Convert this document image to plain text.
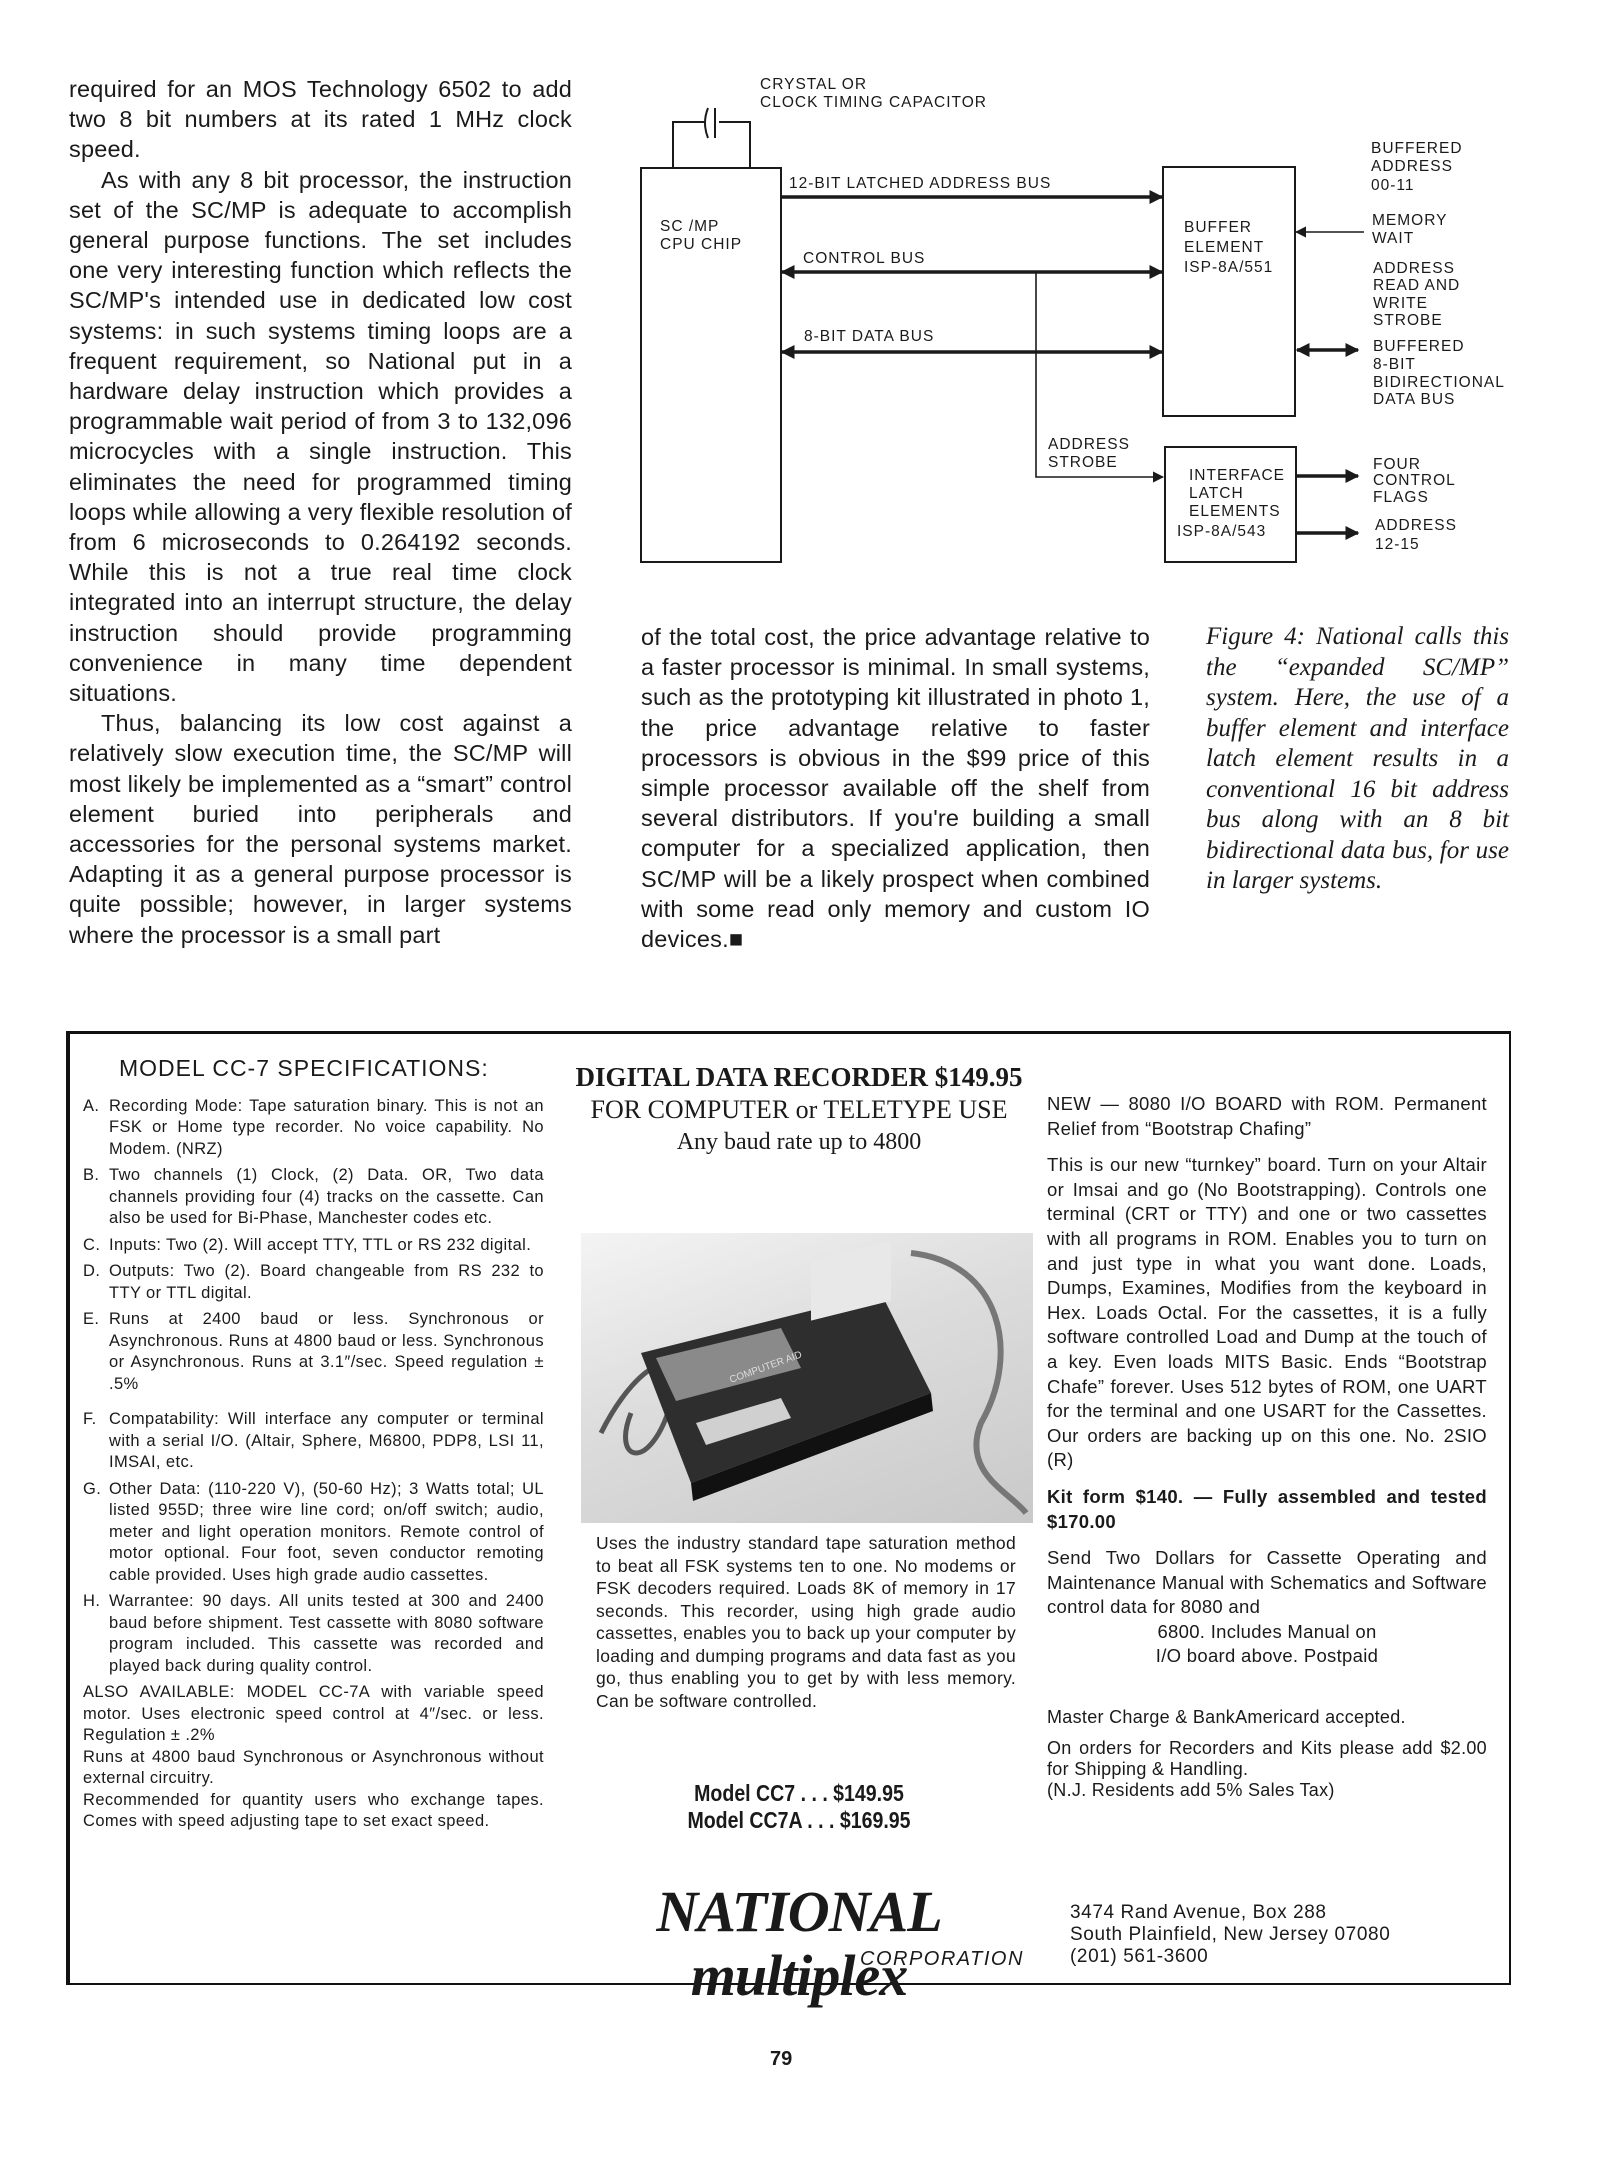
required for an MOS Technology 6502 to add two 8 bit numbers at its rated 1 MHz clock speed.

As with any 8 bit processor, the instruction set of the SC/MP is adequate to accomplish general purpose functions. The set includes one very interesting function which reflects the SC/MP's intended use in dedicated low cost systems: in such systems timing loops are a frequent requirement, so National put in a hardware delay instruction which provides a programmable wait period of from 3 to 132,096 microcycles with a single instruction. This eliminates the need for programmed timing loops while allowing a very flexible resolution of from 6 microseconds to 0.264192 seconds. While this is not a true real time clock integrated into an interrupt structure, the delay instruction should provide programming convenience in many time dependent situations.

Thus, balancing its low cost against a relatively slow execution time, the SC/MP will most likely be implemented as a “smart” control element buried into peripherals and accessories for the personal systems market. Adapting it as a general purpose processor is quite possible; however, in larger systems where the processor is a small part

CRYSTAL OR
CLOCK TIMING CAPACITOR
SC /MP
CPU CHIP
12-BIT LATCHED ADDRESS BUS
CONTROL BUS
8-BIT DATA BUS
BUFFER
ELEMENT
ISP-8A/551
ADDRESS
STROBE
INTERFACE
LATCH
ELEMENTS
ISP-8A/543
BUFFERED
ADDRESS
00-11
MEMORY
WAIT
ADDRESS
READ AND
WRITE
STROBE
BUFFERED
8-BIT
BIDIRECTIONAL
DATA BUS
FOUR
CONTROL
FLAGS
ADDRESS
12-15

of the total cost, the price advantage relative to a faster processor is minimal. In small systems, such as the prototyping kit illustrated in photo 1, the price advantage relative to faster processors is obvious in the $99 price of this simple processor available off the shelf from several distributors. If you're building a small computer for a specialized application, then SC/MP will be a likely prospect when combined with some read only memory and custom IO devices.■

Figure 4: National calls this the “expanded SC/MP” system. Here, the use of a buffer element and interface latch element results in a conventional 16 bit address bus along with an 8 bit bidirectional data bus, for use in larger systems.
MODEL CC-7 SPECIFICATIONS:
A. Recording Mode: Tape saturation binary. This is not an FSK or Home type recorder. No voice capability. No Modem. (NRZ)
B. Two channels (1) Clock, (2) Data. OR, Two data channels providing four (4) tracks on the cassette. Can also be used for Bi-Phase, Manchester codes etc.
C. Inputs: Two (2). Will accept TTY, TTL or RS 232 digital.
D. Outputs: Two (2). Board changeable from RS 232 to TTY or TTL digital.
E. Runs at 2400 baud or less. Synchronous or Asynchronous. Runs at 4800 baud or less. Synchronous or Asynchronous. Runs at 3.1″/sec. Speed regulation ± .5%
F. Compatability: Will interface any computer or terminal with a serial I/O. (Altair, Sphere, M6800, PDP8, LSI 11, IMSAI, etc.
G. Other Data: (110-220 V), (50-60 Hz); 3 Watts total; UL listed 955D; three wire line cord; on/off switch; audio, meter and light operation monitors. Remote control of motor optional. Four foot, seven conductor remoting cable provided. Uses high grade audio cassettes.
H. Warrantee: 90 days. All units tested at 300 and 2400 baud before shipment. Test cassette with 8080 software program included. This cassette was recorded and played back during quality control.
ALSO AVAILABLE: MODEL CC-7A with variable speed motor. Uses electronic speed control at 4″/sec. or less. Regulation ± .2%
Runs at 4800 baud Synchronous or Asynchronous without external circuitry.
Recommended for quantity users who exchange tapes. Comes with speed adjusting tape to set exact speed.
DIGITAL DATA RECORDER $149.95
FOR COMPUTER or TELETYPE USE
Any baud rate up to 4800
COMPUTER AID
Uses the industry standard tape saturation method to beat all FSK systems ten to one. No modems or FSK decoders required. Loads 8K of memory in 17 seconds. This recorder, using high grade audio cassettes, enables you to back up your computer by loading and dumping programs and data fast as you go, thus enabling you to get by with less memory. Can be software controlled.
Model CC7 . . . $149.95
Model CC7A . . . $169.95
NATIONAL multiplex
CORPORATION

NEW — 8080 I/O BOARD with ROM. Permanent Relief from “Bootstrap Chafing”

This is our new “turnkey” board. Turn on your Altair or Imsai and go (No Bootstrapping). Controls one terminal (CRT or TTY) and one or two cassettes with all programs in ROM. Enables you to turn on and just type in what you want done. Loads, Dumps, Examines, Modifies from the keyboard in Hex. Loads Octal. For the cassettes, it is a fully software controlled Load and Dump at the touch of a key. Even loads MITS Basic. Ends “Bootstrap Chafe” forever. Uses 512 bytes of ROM, one UART for the terminal and one USART for the Cassettes. Our orders are backing up on this one. No. 2SIO (R)

Kit form $140. — Fully assembled and tested $170.00

Send Two Dollars for Cassette Operating and Maintenance Manual with Schematics and Software control data for 8080 and

6800. Includes Manual on

I/O board above. Postpaid

Master Charge & BankAmericard accepted.

On orders for Recorders and Kits please add $2.00 for Shipping & Handling.

(N.J. Residents add 5% Sales Tax)

3474 Rand Avenue, Box 288
South Plainfield, New Jersey 07080
(201) 561-3600
79
